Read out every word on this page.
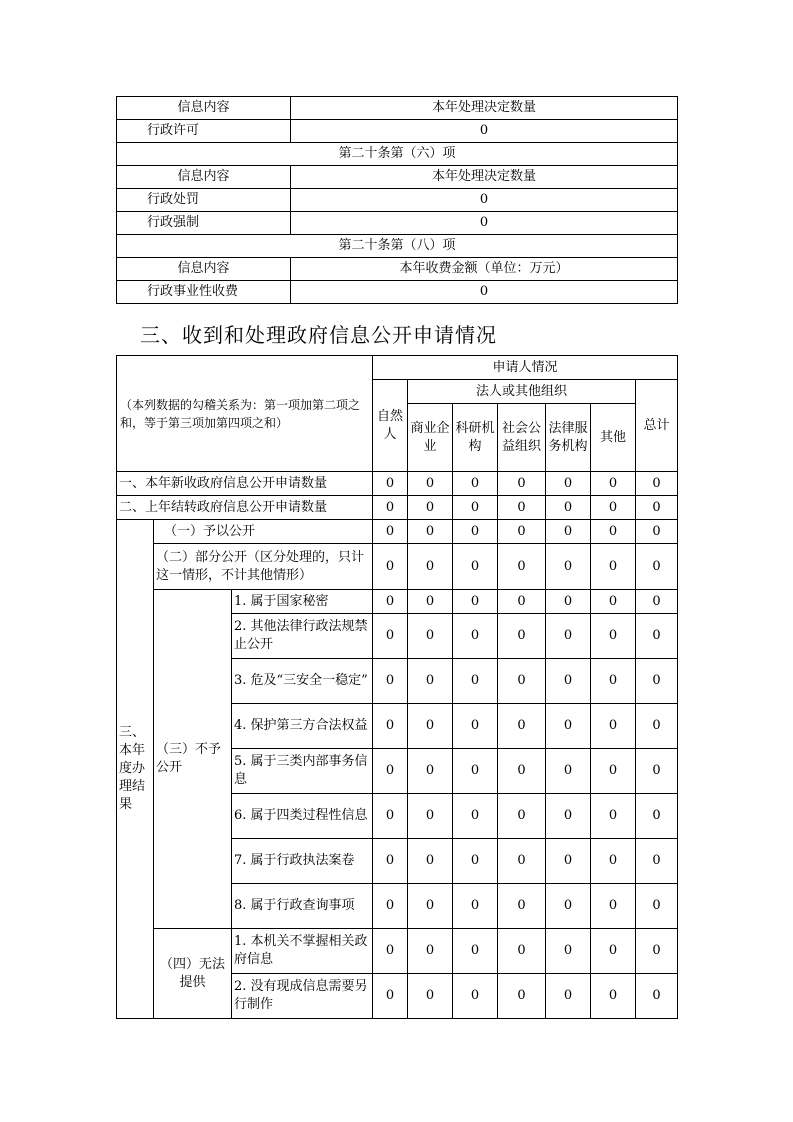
信息内容	本年处理决定数量
行政许可	0
第二十条第（六）项	
信息内容	本年处理决定数量
行政处罚	0
行政强制	0
第二十条第（八）项	
信息内容	本年收费金额（单位：万元）
行政事业性收费	0
三、收到和处理政府信息公开申请情况
（本列数据的勾稽关系为：第一项加第二项之和，等于第三项加第四项之和）			申请人情况						
			自然人	法人或其他组织					总计
				商业企业	科研机构	社会公益组织	法律服务机构	其他	
一、本年新收政府信息公开申请数量			0	0	0	0	0	0	0
二、上年结转政府信息公开申请数量			0	0	0	0	0	0	0
三、本年度办理结果	（一）予以公开		0	0	0	0	0	0	0
	（二）部分公开（区分处理的，只计这一情形，不计其他情形）		0	0	0	0	0	0	0
	（三）不予公开	1. 属于国家秘密	0	0	0	0	0	0	0
		2. 其他法律行政法规禁止公开	0	0	0	0	0	0	0
		3. 危及“三安全一稳定”	0	0	0	0	0	0	0
		4. 保护第三方合法权益	0	0	0	0	0	0	0
		5. 属于三类内部事务信息	0	0	0	0	0	0	0
		6. 属于四类过程性信息	0	0	0	0	0	0	0
		7. 属于行政执法案卷	0	0	0	0	0	0	0
		8. 属于行政查询事项	0	0	0	0	0	0	0
	（四）无法提供	1. 本机关不掌握相关政府信息	0	0	0	0	0	0	0
		2. 没有现成信息需要另行制作	0	0	0	0	0	0	0
